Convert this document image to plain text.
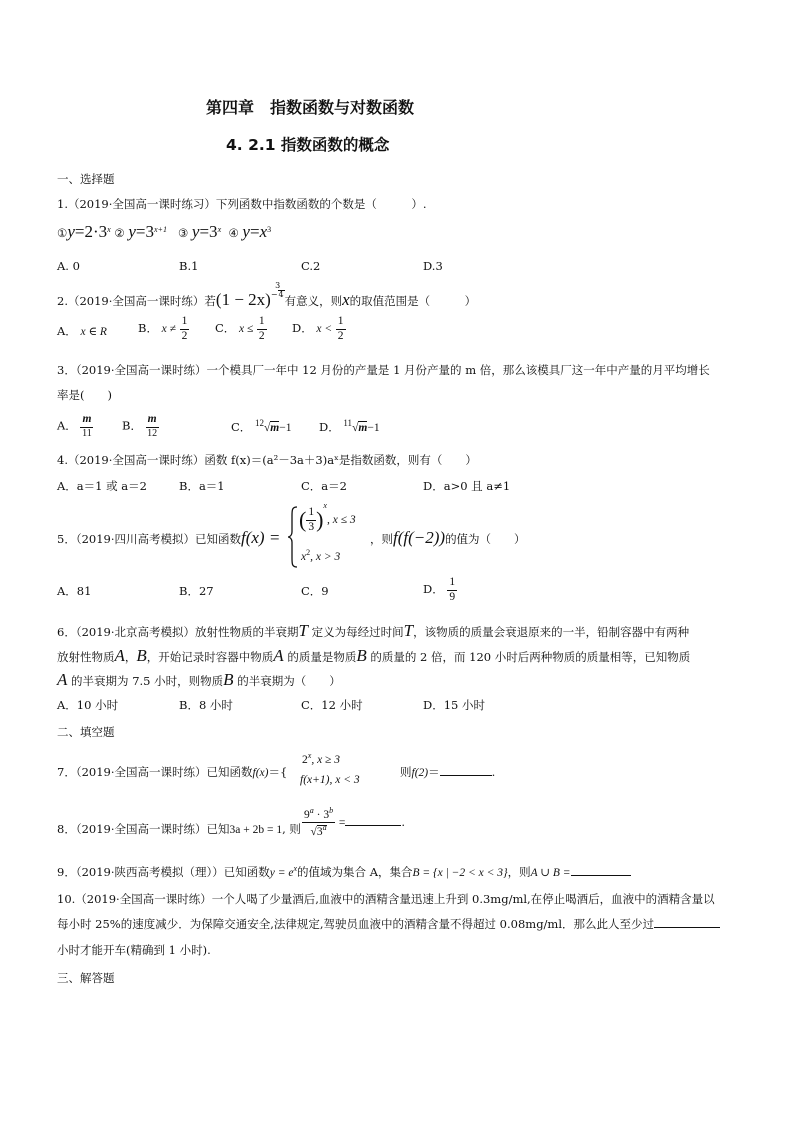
第四章　指数函数与对数函数
4. 2.1 指数函数的概念
一、选择题
1.（2019·全国高一课时练习）下列函数中指数函数的个数是（　　　）.
$①y=2\cdot 3^x$ ② $y=3^{x+1}$ ③ $y=3^x$ ④ $y=x^3$
A. 0	B.1	C.2	D.3
2.（2019·全国高一课时练）若(1 − 2x)
3
− 4 有意义，则x的取值范围是（　　　）
A． x ∈ R	B． $x \ne \frac{1}{2}$ C． $x \le \frac{1}{2}$ D． $x < \frac{1}{2}$
3．（2019·全国高一课时练）一个模具厂一年中 12 月份的产量是 1 月份产量的 m 倍，那么该模具厂这一年中产量的月平均增长
率是(　　)
A． $\frac{m}{11}$ B． $\frac{m}{12}$	C． $^{12}$√m−1 D． $^{11}$√m−1
4.（2019·全国高一课时练）函数 f(x)＝(a²－3a＋3)aˣ是指数函数，则有（　　）
A．a＝1 或 a＝2	B．a＝1	C．a＝2	D．a>0 且 a≠1
5．（2019·四川高考模拟）已知函数f(x) =
( $\frac{1}{3} )^x$, x ≤ 3
$x^2$, x > 3
，则f(f(−2))的值为（　　）
A．81	B．27	C．9	D． $\frac{1}{9}$
6．（2019·北京高考模拟）放射性物质的半衰期T 定义为每经过时间T，该物质的质量会衰退原来的一半，铅制容器中有两种
放射性物质A，B，开始记录时容器中物质A 的质量是物质B 的质量的 2 倍，而 120 小时后两种物质的质量相等，已知物质
A 的半衰期为 7.5 小时，则物质B 的半衰期为（　　）
A．10 小时	B．8 小时	C．12 小时	D．15 小时
二、填空题
7．（2019·全国高一课时练）已知函数f(x)＝{
2$^x$, x ≥ 3
f(x+1), x < 3
则f(2)＝	.
8．（2019·全国高一课时练）已知3a + 2b = 1, 则 $\frac{9^a \cdot 3^b}{√3^a}$ =	.
9．（2019·陕西高考模拟（理））已知函数$y = e^x$的值域为集合 A，集合B = {x | −2 < x < 3}，则A ∪ B =
10.（2019·全国高一课时练）一个人喝了少量酒后,血液中的酒精含量迅速上升到 0.3mg/ml,在停止喝酒后，血液中的酒精含量以
每小时 25%的速度减少．为保障交通安全,法律规定,驾驶员血液中的酒精含量不得超过 0.08mg/ml．那么此人至少过
小时才能开车(精确到 1 小时).
三、解答题
